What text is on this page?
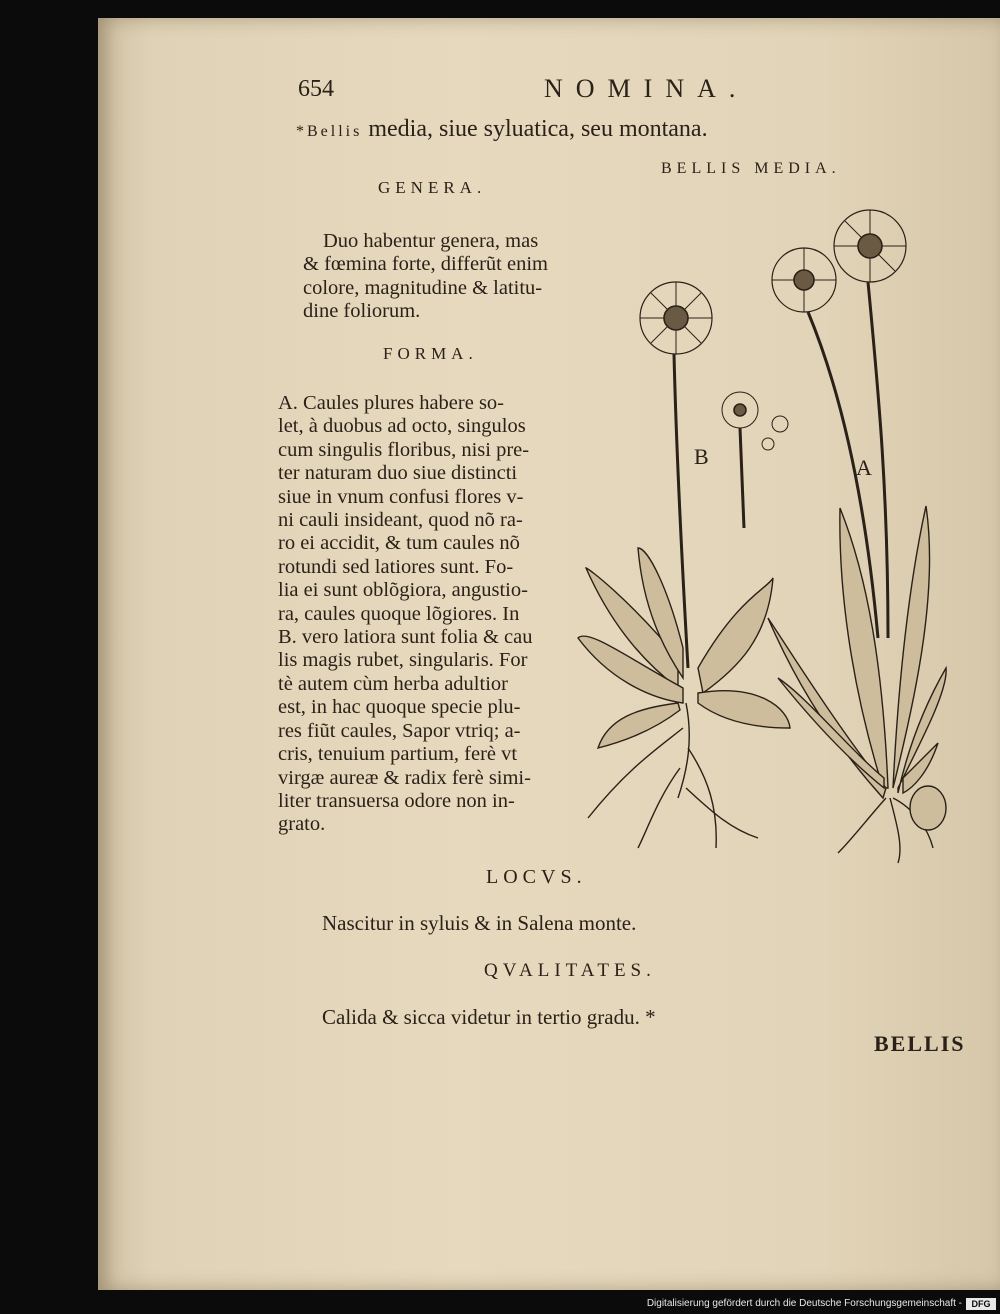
654	NOMINA.

*Bellis media, siue syluatica, seu montana.

BELLIS MEDIA.

GENERA.

Duo habentur genera, mas
& fœmina forte, differũt enim
colore, magnitudine & latitu-
dine foliorum.

FORMA.

A. Caules plures habere so-
let, à duobus ad octo, singulos
cum singulis floribus, nisi pre-
ter naturam duo siue distincti
siue in vnum confusi flores v-
ni cauli insideant, quod nõ ra-
ro ei accidit, & tum caules nõ
rotundi sed latiores sunt. Fo-
lia ei sunt oblõgiora, angustio-
ra, caules quoque lõgiores. In
B. vero latiora sunt folia & cau
lis magis rubet, singularis. For
tè autem cùm herba adultior
est, in hac quoque specie plu-
res fiũt caules, Sapor vtriq; a-
cris, tenuium partium, ferè vt
virgæ aureæ & radix ferè simi-
liter transuersa odore non in-
grato.

LOCVS.

Nascitur in syluis & in Salena monte.

QVALITATES.

Calida & sicca videtur in tertio gradu. *

BELLIS

B	A
Digitalisierung gefördert durch die Deutsche Forschungsgemeinschaft -	DFG
